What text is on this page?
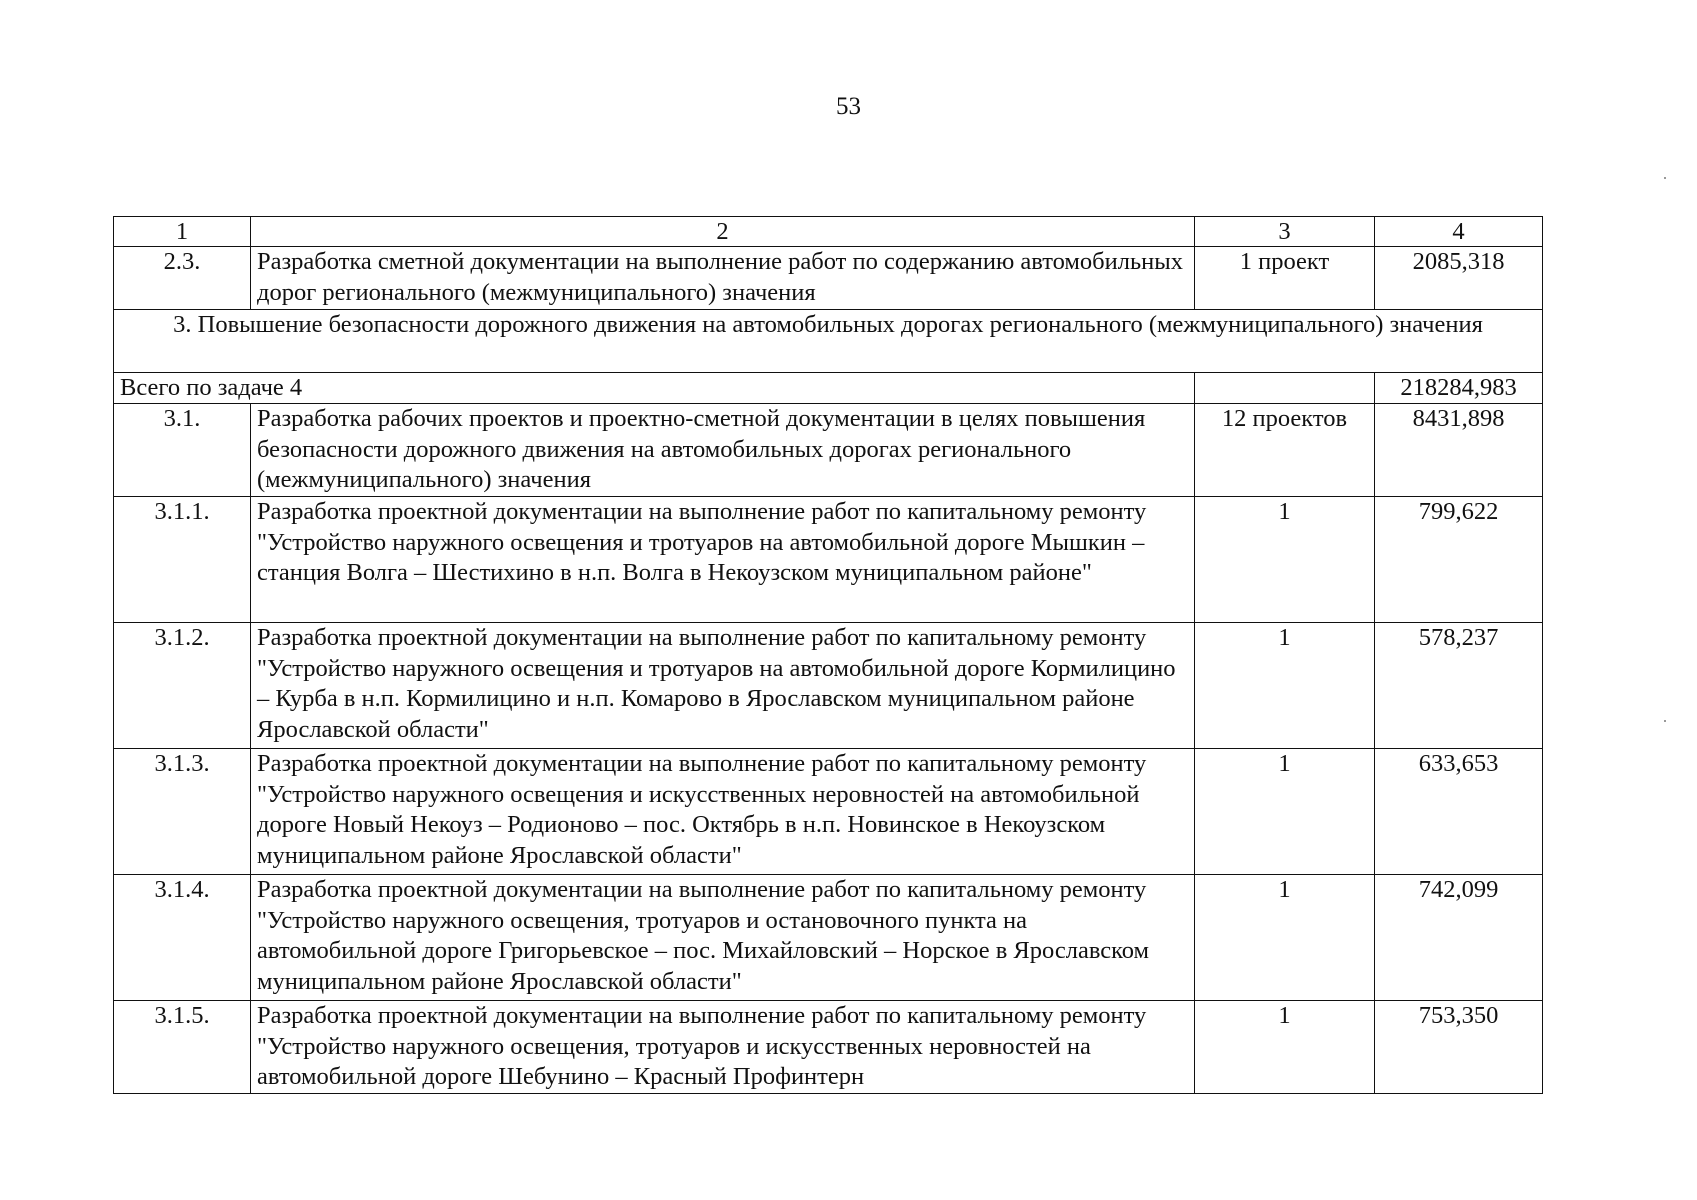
53
1	2	3	4
2.3.	Разработка сметной документации на выполнение работ по содержанию автомобильных дорог регионального (межмуниципального) значения	1 проект	2085,318
3. Повышение безопасности дорожного движения на автомобильных дорогах регионального (межмуниципального) значения			
Всего по задаче 4			218284,983
3.1.	Разработка рабочих проектов и проектно-сметной документации в целях повышения безопасности дорожного движения на автомобильных дорогах регионального (межмуниципального) значения	12 проектов	8431,898
3.1.1.	Разработка проектной документации на выполнение работ по капитальному ремонту "Устройство наружного освещения и тротуаров на автомобильной дороге Мышкин – станция Волга – Шестихино в н.п. Волга в Некоузском муниципальном районе"	1	799,622
3.1.2.	Разработка проектной документации на выполнение работ по капитальному ремонту "Устройство наружного освещения и тротуаров на автомобильной дороге Кормилицино – Курба в н.п. Кормилицино и н.п. Комарово в Ярославском муниципальном районе Ярославской области"	1	578,237
3.1.3.	Разработка проектной документации на выполнение работ по капитальному ремонту "Устройство наружного освещения и искусственных неровностей на автомобильной дороге Новый Некоуз – Родионово – пос. Октябрь в н.п. Новинское в Некоузском муниципальном районе Ярославской области"	1	633,653
3.1.4.	Разработка проектной документации на выполнение работ по капитальному ремонту "Устройство наружного освещения, тротуаров и остановочного пункта на автомобильной дороге Григорьевское – пос. Михайловский – Норское в Ярославском муниципальном районе Ярославской области"	1	742,099
3.1.5.	Разработка проектной документации на выполнение работ по капитальному ремонту "Устройство наружного освещения, тротуаров и искусственных неровностей на автомобильной дороге Шебунино – Красный Профинтерн	1	753,350
